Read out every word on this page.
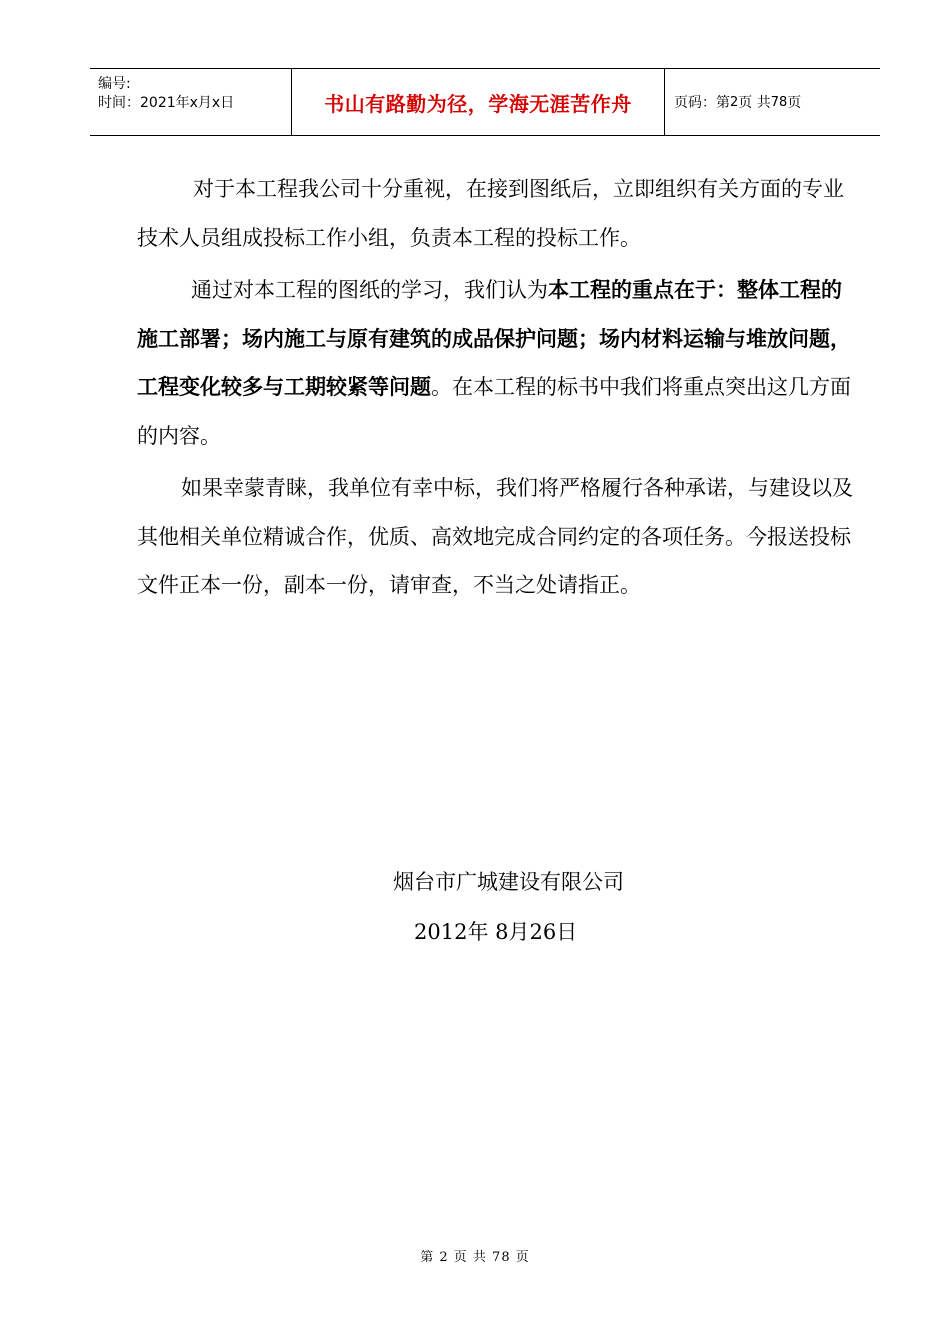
编号:
时间：2021年x月x日	书山有路勤为径，学海无涯苦作舟	页码：第 2 页 共 78 页

对于本工程我公司十分重视，在接到图纸后，立即组织有关方面的专业技术人员组成投标工作小组，负责本工程的投标工作。

通过对本工程的图纸的学习，我们认为本工程的重点在于：整体工程的施工部署；场内施工与原有建筑的成品保护问题；场内材料运输与堆放问题，工程变化较多与工期较紧等问题。在本工程的标书中我们将重点突出这几方面的内容。

如果幸蒙青睐，我单位有幸中标，我们将严格履行各种承诺，与建设以及其他相关单位精诚合作，优质、高效地完成合同约定的各项任务。今报送投标文件正本一份，副本一份，请审查，不当之处请指正。

烟台市广城建设有限公司
2012年 8月26日
第 2 页 共 78 页
